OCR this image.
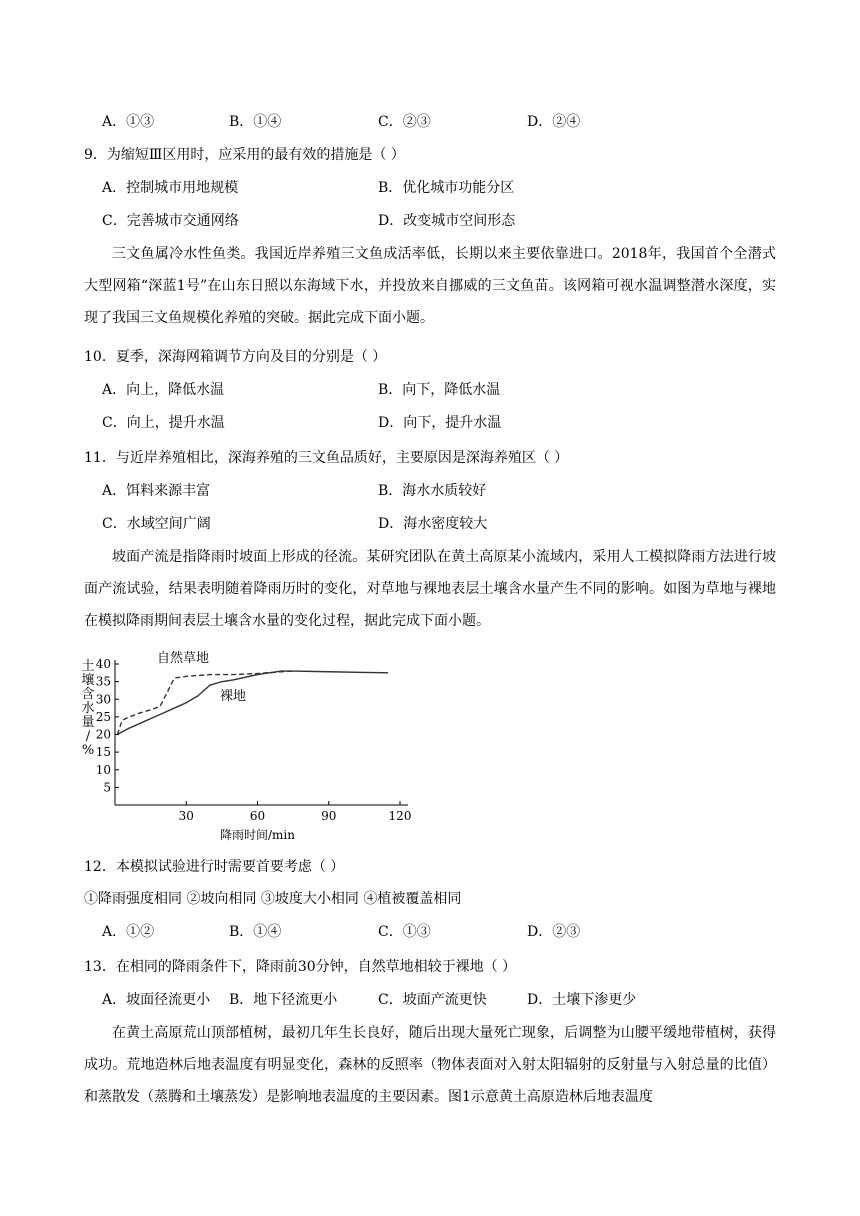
A．①③	B．①④	C．②③	D．②④
9．为缩短Ⅲ区用时，应采用的最有效的措施是（ ）
A．控制城市用地规模	B．优化城市功能分区
C．完善城市交通网络	D．改变城市空间形态
三文鱼属冷水性鱼类。我国近岸养殖三文鱼成活率低，长期以来主要依靠进口。2018年，我国首个全潜式大型网箱“深蓝1号”在山东日照以东海域下水，并投放来自挪威的三文鱼苗。该网箱可视水温调整潜水深度，实现了我国三文鱼规模化养殖的突破。据此完成下面小题。
10．夏季，深海网箱调节方向及目的分别是（ ）
A．向上，降低水温	B．向下，降低水温
C．向上，提升水温	D．向下，提升水温
11．与近岸养殖相比，深海养殖的三文鱼品质好，主要原因是深海养殖区（ ）
A．饵料来源丰富	B．海水水质较好
C．水域空间广阔	D．海水密度较大
坡面产流是指降雨时坡面上形成的径流。某研究团队在黄土高原某小流域内，采用人工模拟降雨方法进行坡面产流试验，结果表明随着降雨历时的变化，对草地与裸地表层土壤含水量产生不同的影响。如图为草地与裸地在模拟降雨期间表层土壤含水量的变化过程，据此完成下面小题。
30	60	90	120
5
10
15
20
25
30
35
40
降雨时间/min
土壤含水量/ %
自然草地
裸地
12．本模拟试验进行时需要首要考虑（ ）
①降雨强度相同 ②坡向相同 ③坡度大小相同 ④植被覆盖相同
A．①②	B．①④	C．①③	D．②③
13．在相同的降雨条件下，降雨前30分钟，自然草地相较于裸地（ ）
A．坡面径流更小 B．地下径流更小	C．坡面产流更快	D．土壤下渗更少
在黄土高原荒山顶部植树，最初几年生长良好，随后出现大量死亡现象，后调整为山腰平缓地带植树，获得成功。荒地造林后地表温度有明显变化，森林的反照率（物体表面对入射太阳辐射的反射量与入射总量的比值）和蒸散发（蒸腾和土壤蒸发）是影响地表温度的主要因素。图1示意黄土高原造林后地表温度
